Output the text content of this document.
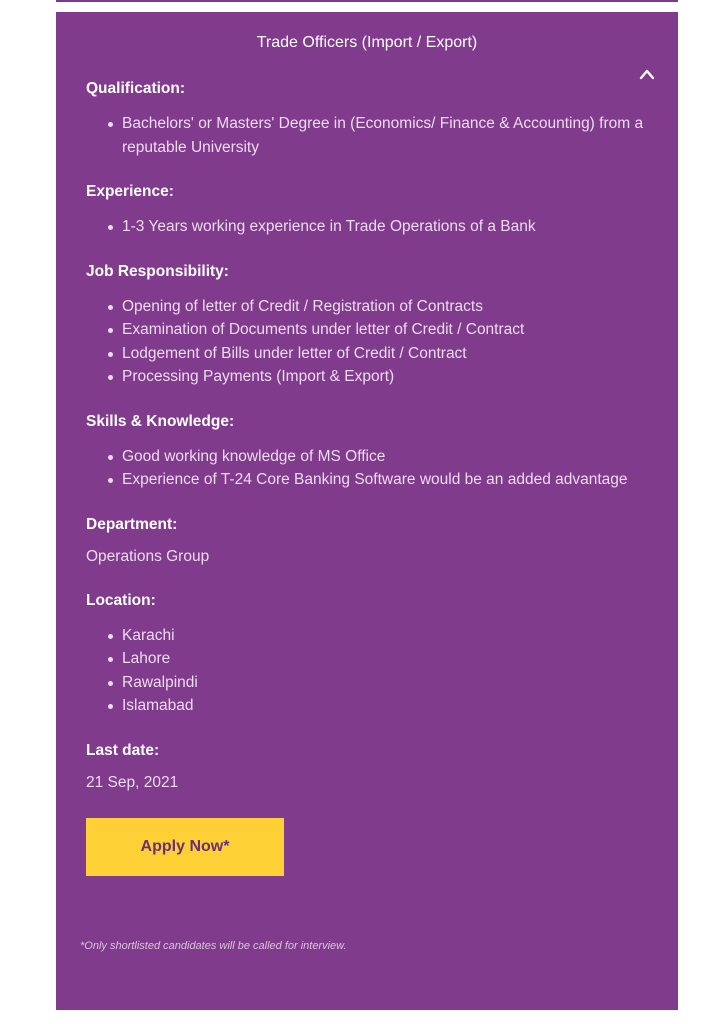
Trade Officers (Import / Export)
Qualification:
Bachelors' or Masters' Degree in (Economics/ Finance & Accounting) from a reputable University
Experience:
1-3 Years working experience in Trade Operations of a Bank
Job Responsibility:
Opening of letter of Credit / Registration of Contracts
Examination of Documents under letter of Credit / Contract
Lodgement of Bills under letter of Credit / Contract
Processing Payments (Import & Export)
Skills & Knowledge:
Good working knowledge of MS Office
Experience of T-24 Core Banking Software would be an added advantage
Department:
Operations Group
Location:
Karachi
Lahore
Rawalpindi
Islamabad
Last date:
21 Sep, 2021
Apply Now*
*Only shortlisted candidates will be called for interview.
